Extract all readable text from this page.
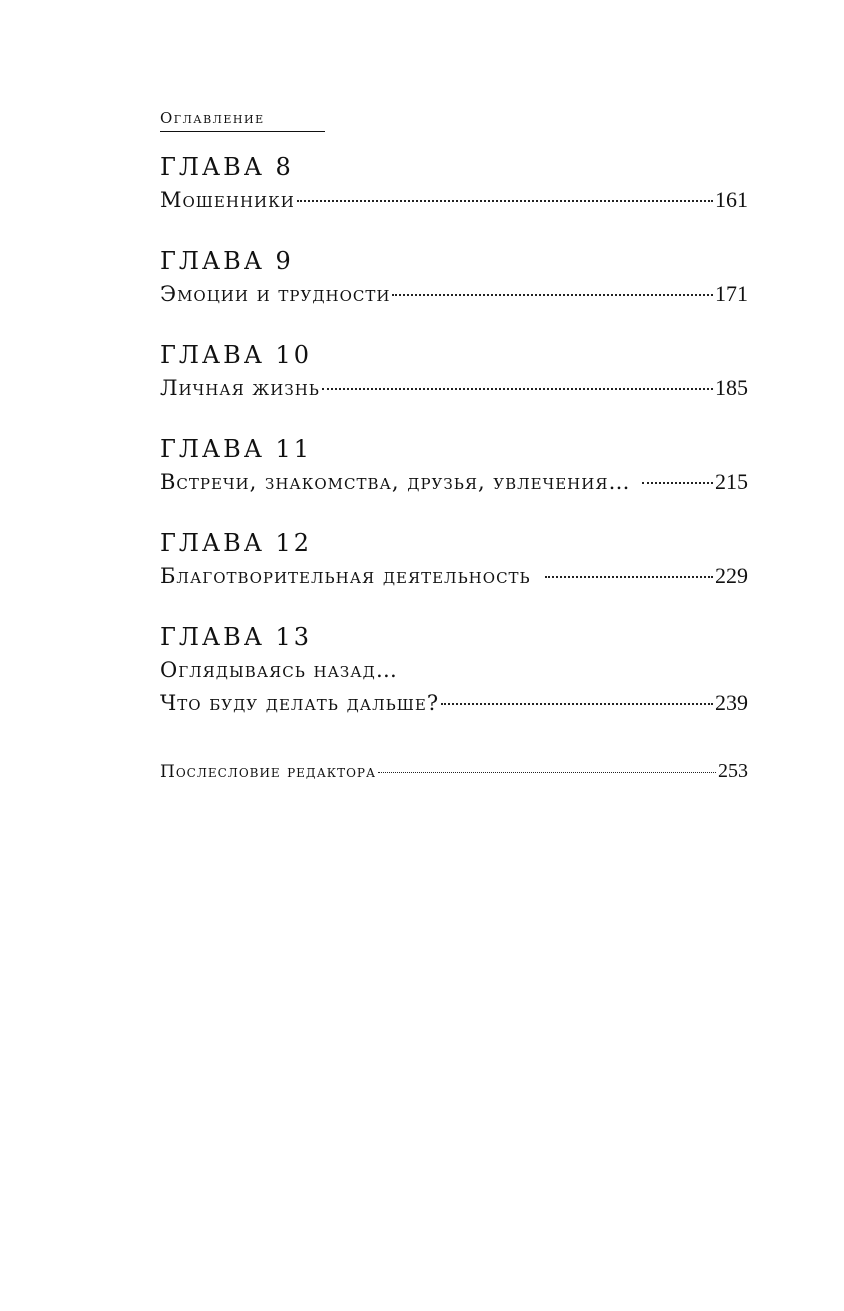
Оглавление
ГЛАВА 8
Мошенники	161
ГЛАВА 9
Эмоции и трудности	171
ГЛАВА 10
Личная жизнь	185
ГЛАВА 11
Встречи, знакомства, друзья, увлечения…	215
ГЛАВА 12
Благотворительная деятельность	229
ГЛАВА 13
Оглядываясь назад…
Что буду делать дальше?	239
Послесловие редактора	253
